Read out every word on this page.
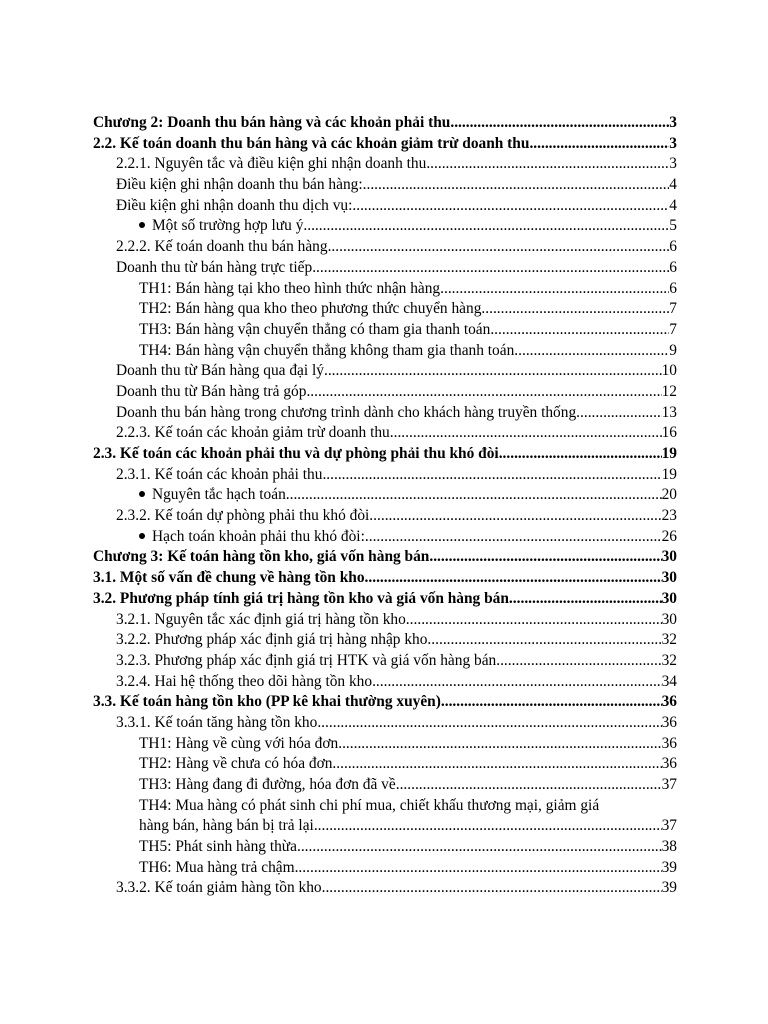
Chương 2: Doanh thu bán hàng và các khoản phải thu .....	3
2.2. Kế toán doanh thu bán hàng và các khoản giảm trừ doanh thu .....	3
2.2.1. Nguyên tắc và điều kiện ghi nhận doanh thu .....	3
Điều kiện ghi nhận doanh thu bán hàng: .....	4
Điều kiện ghi nhận doanh thu dịch vụ: .....	4
Một số trường hợp lưu ý .....	5
2.2.2. Kế toán doanh thu bán hàng .....	6
Doanh thu từ bán hàng trực tiếp .....	6
TH1: Bán hàng tại kho theo hình thức nhận hàng .....	6
TH2: Bán hàng qua kho theo phương thức chuyển hàng .....	7
TH3: Bán hàng vận chuyển thẳng có tham gia thanh toán .....	7
TH4: Bán hàng vận chuyển thẳng không tham gia thanh toán .....	9
Doanh thu từ Bán hàng qua đại lý .....	10
Doanh thu từ Bán hàng trả góp .....	12
Doanh thu bán hàng trong chương trình dành cho khách hàng truyền thống .....	13
2.2.3. Kế toán các khoản giảm trừ doanh thu .....	16
2.3. Kế toán các khoản phải thu và dự phòng phải thu khó đòi .....	19
2.3.1. Kế toán các khoản phải thu .....	19
Nguyên tắc hạch toán .....	20
2.3.2. Kế toán dự phòng phải thu khó đòi .....	23
Hạch toán khoản phải thu khó đòi: .....	26
Chương 3: Kế toán hàng tồn kho, giá vốn hàng bán .....	30
3.1. Một số vấn đề chung về hàng tồn kho .....	30
3.2. Phương pháp tính giá trị hàng tồn kho và giá vốn hàng bán .....	30
3.2.1. Nguyên tắc xác định giá trị hàng tồn kho .....	30
3.2.2. Phương pháp xác định giá trị hàng nhập kho .....	32
3.2.3. Phương pháp xác định giá trị HTK và giá vốn hàng bán .....	32
3.2.4. Hai hệ thống theo dõi hàng tồn kho .....	34
3.3. Kế toán hàng tồn kho (PP kê khai thường xuyên) .....	36
3.3.1. Kế toán tăng hàng tồn kho .....	36
TH1: Hàng về cùng với hóa đơn .....	36
TH2: Hàng về chưa có hóa đơn .....	36
TH3: Hàng đang đi đường, hóa đơn đã về .....	37
TH4: Mua hàng có phát sinh chi phí mua, chiết khấu thương mại, giảm giá
hàng bán, hàng bán bị trả lại .....	37
TH5: Phát sinh hàng thừa .....	38
TH6: Mua hàng trả chậm .....	39
3.3.2. Kế toán giảm hàng tồn kho .....	39
